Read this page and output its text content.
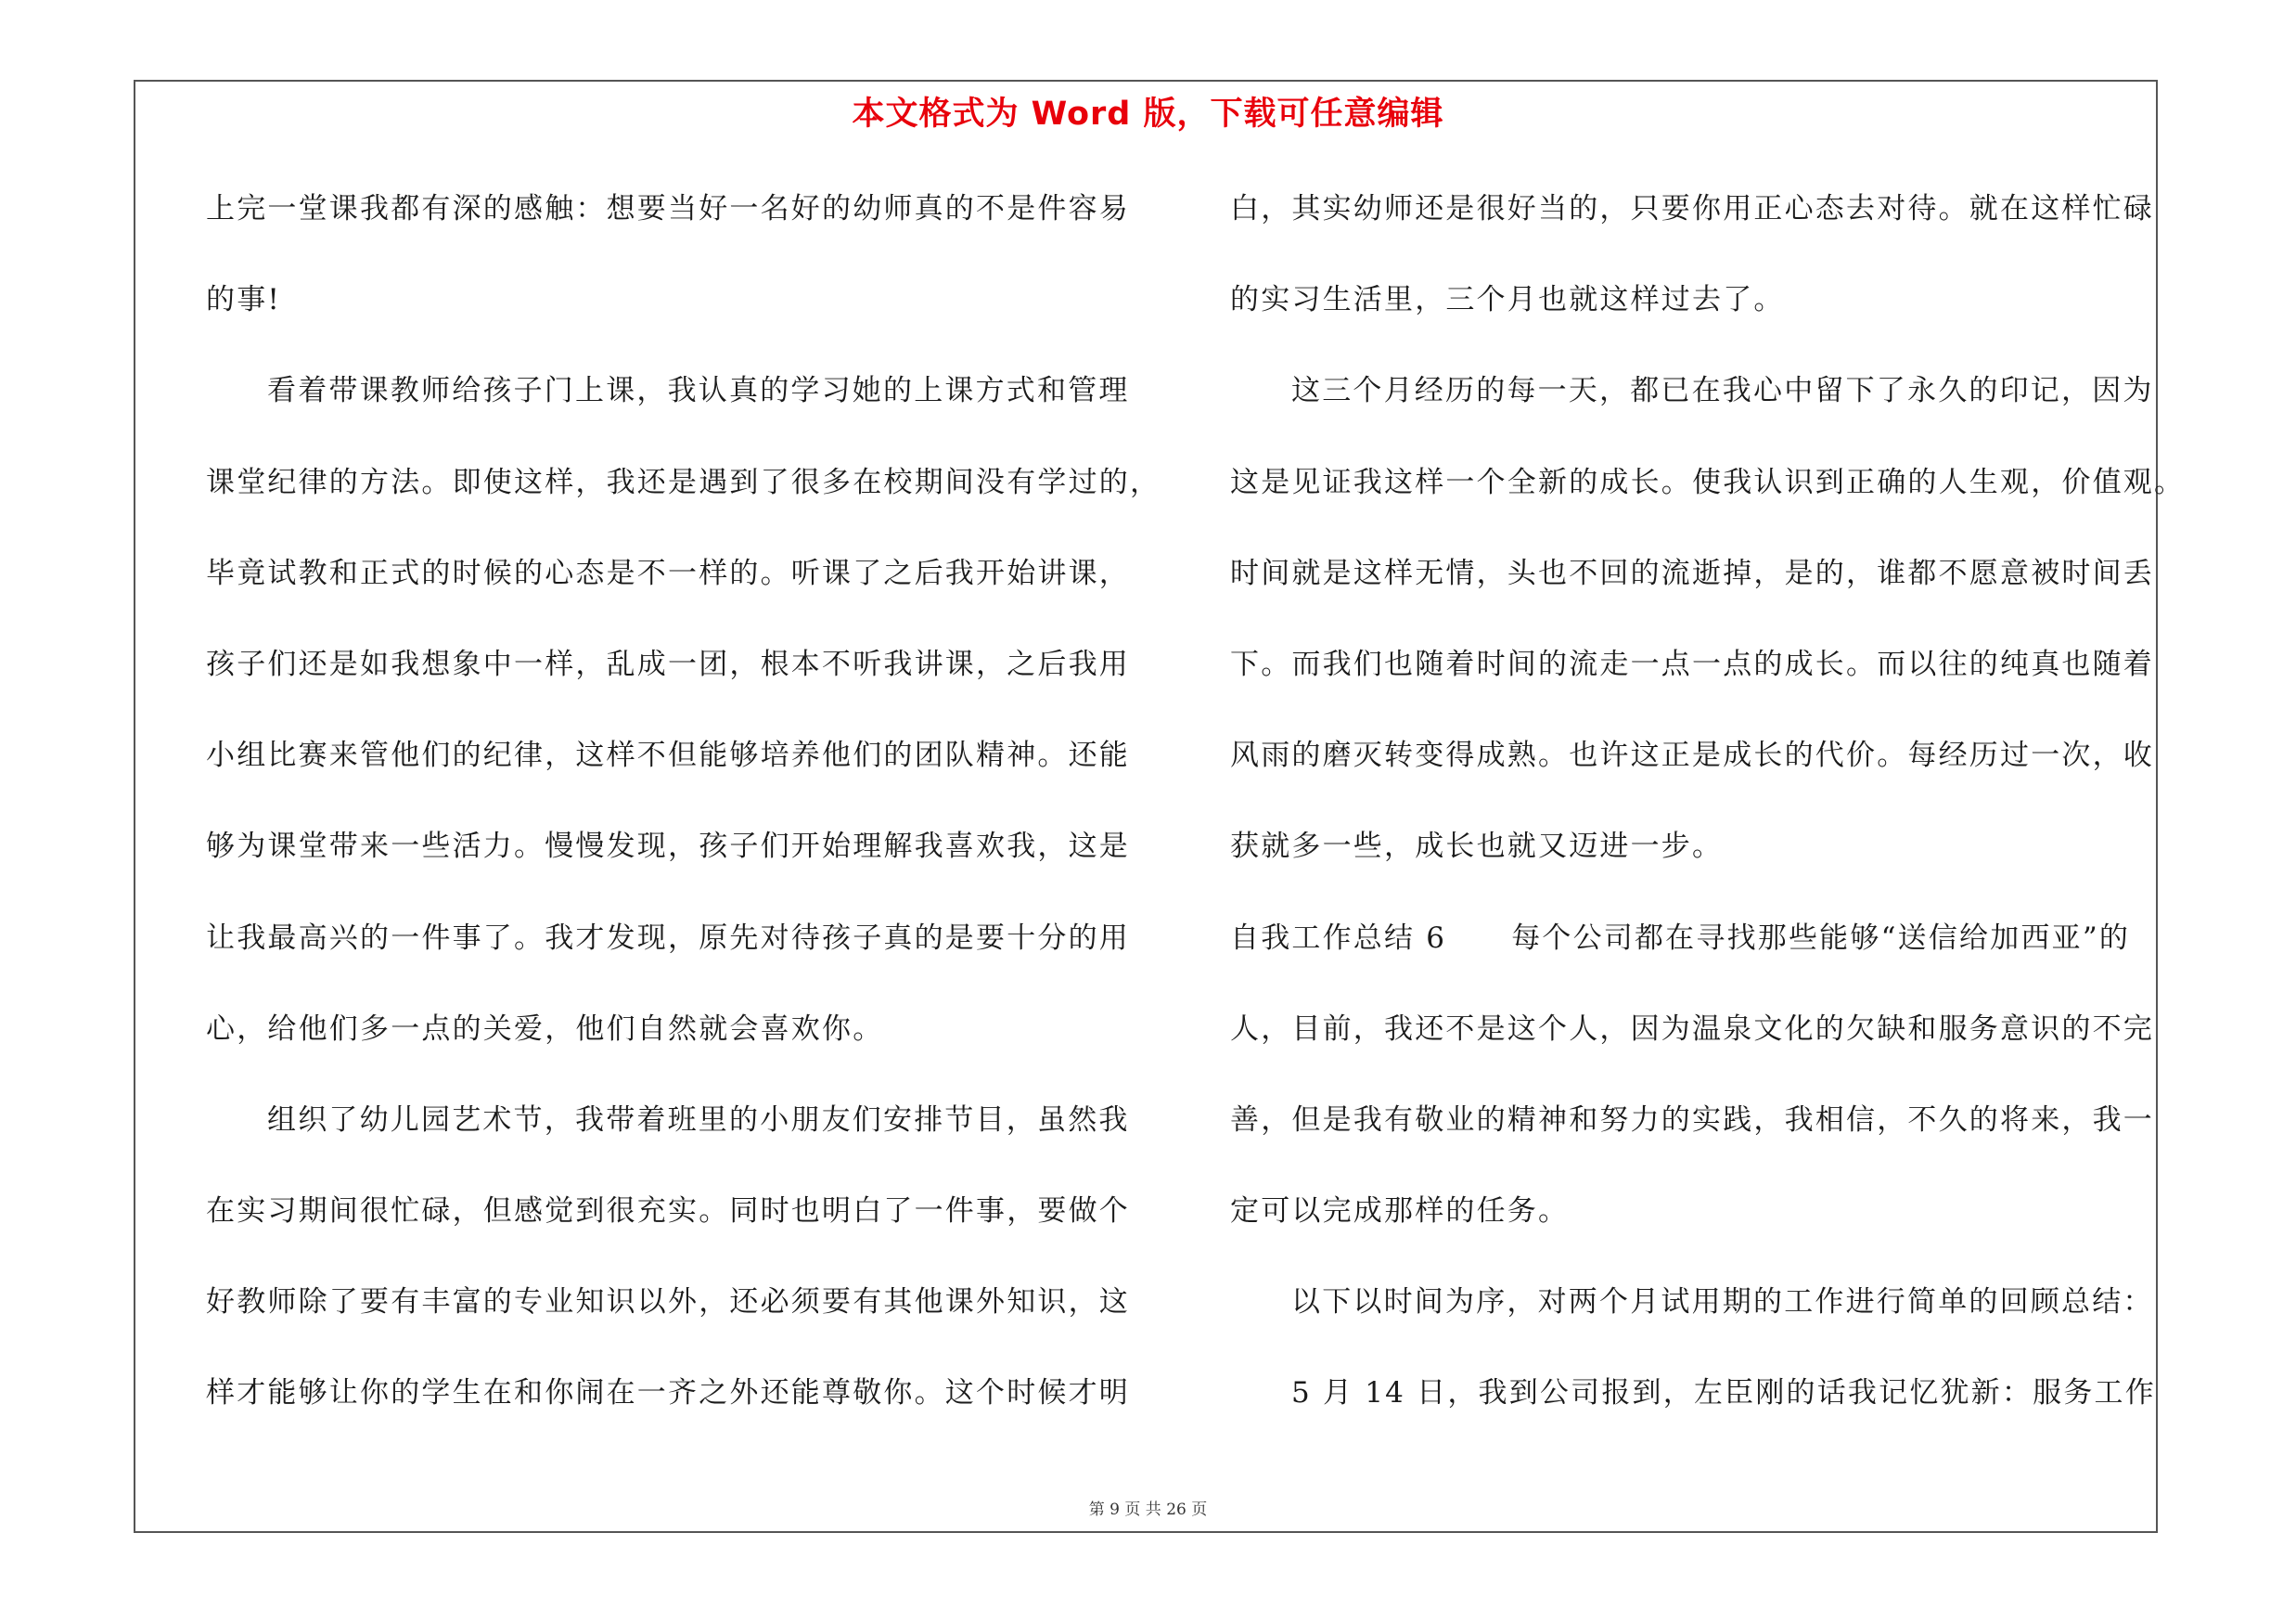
本文格式为 Word 版，下载可任意编辑
上完一堂课我都有深的感触：想要当好一名好的幼师真的不是件容易
的事!
看着带课教师给孩子门上课，我认真的学习她的上课方式和管理
课堂纪律的方法。即使这样，我还是遇到了很多在校期间没有学过的，
毕竟试教和正式的时候的心态是不一样的。听课了之后我开始讲课，
孩子们还是如我想象中一样，乱成一团，根本不听我讲课，之后我用
小组比赛来管他们的纪律，这样不但能够培养他们的团队精神。还能
够为课堂带来一些活力。慢慢发现，孩子们开始理解我喜欢我，这是
让我最高兴的一件事了。我才发现，原先对待孩子真的是要十分的用
心，给他们多一点的关爱，他们自然就会喜欢你。
组织了幼儿园艺术节，我带着班里的小朋友们安排节目，虽然我
在实习期间很忙碌，但感觉到很充实。同时也明白了一件事，要做个
好教师除了要有丰富的专业知识以外，还必须要有其他课外知识，这
样才能够让你的学生在和你闹在一齐之外还能尊敬你。这个时候才明
白，其实幼师还是很好当的，只要你用正心态去对待。就在这样忙碌
的实习生活里，三个月也就这样过去了。
这三个月经历的每一天，都已在我心中留下了永久的印记，因为
这是见证我这样一个全新的成长。使我认识到正确的人生观，价值观。
时间就是这样无情，头也不回的流逝掉，是的，谁都不愿意被时间丢
下。而我们也随着时间的流走一点一点的成长。而以往的纯真也随着
风雨的磨灭转变得成熟。也许这正是成长的代价。每经历过一次，收
获就多一些，成长也就又迈进一步。
自我工作总结 6 每个公司都在寻找那些能够“送信给加西亚”的
人，目前，我还不是这个人，因为温泉文化的欠缺和服务意识的不完
善，但是我有敬业的精神和努力的实践，我相信，不久的将来，我一
定可以完成那样的任务。
以下以时间为序，对两个月试用期的工作进行简单的回顾总结：
5 月 14 日，我到公司报到，左臣刚的话我记忆犹新：服务工作
第 9 页 共 26 页
